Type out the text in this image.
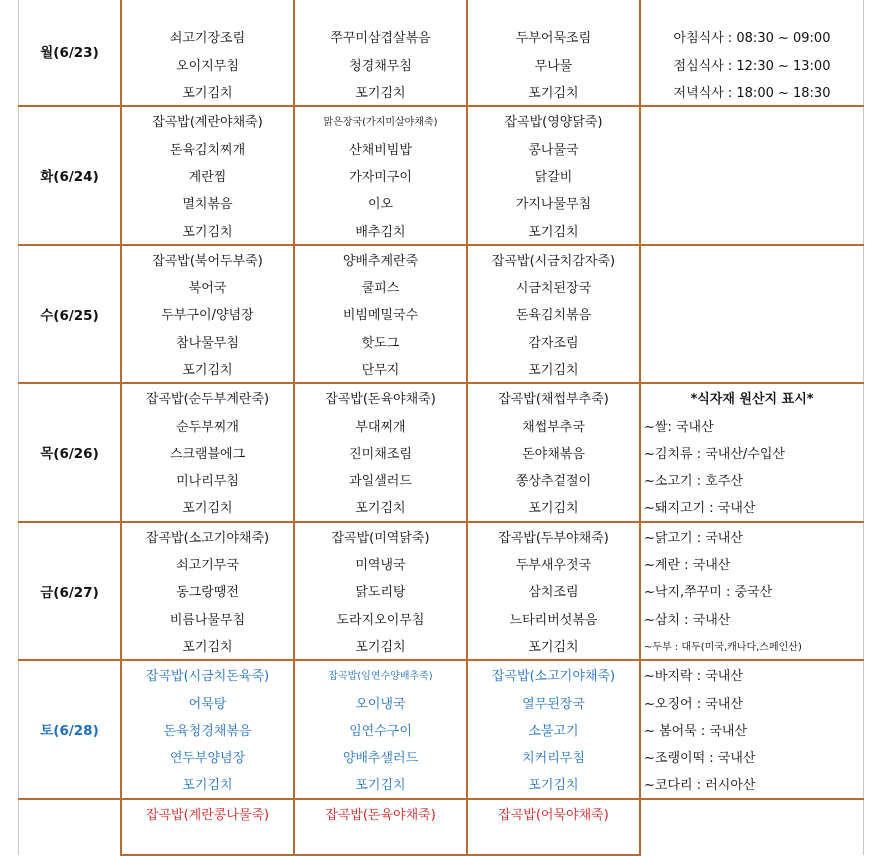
월(6/23)				
	쇠고기장조림	쭈꾸미삼겹살볶음	두부어묵조림	아침식사 : 08:30 ~ 09:00
	오이지무침	청경채무침	무나물	점심식사 : 12:30 ~ 13:00
	포기김치	포기김치	포기김치	저녁식사 : 18:00 ~ 18:30
화(6/24)	잡곡밥(계란야채죽)	맑은장국(가지미살야채죽)	잡곡밥(영양닭죽)	
	돈육김치찌개	산채비빔밥	콩나물국	
	계란찜	가자미구이	닭갈비	
	멸치볶음	이오	가지나물무침	
	포기김치	배추김치	포기김치	
수(6/25)	잡곡밥(북어두부죽)	양배추계란죽	잡곡밥(시금치감자죽)	
	북어국	쿨피스	시금치된장국	
	두부구이/양념장	비빔메밀국수	돈육김치볶음	
	참나물무침	핫도그	감자조림	
	포기김치	단무지	포기김치	
목(6/26)	잡곡밥(순두부계란죽)	잡곡밥(돈육야채죽)	잡곡밥(채썹부추죽)	*식자재 원산지 표시*
	순두부찌개	부대찌개	채썹부추국	~쌀: 국내산
	스크램블에그	진미채조림	돈야채볶음	~김치류 : 국내산/수입산
	미나리무침	과일샐러드	쫑상추겉절이	~소고기 : 호주산
	포기김치	포기김치	포기김치	~돼지고기 : 국내산
금(6/27)	잡곡밥(소고기야채죽)	잡곡밥(미역닭죽)	잡곡밥(두부야채죽)	~닭고기 : 국내산
	쇠고기무국	미역냉국	두부새우젓국	~계란 : 국내산
	동그랑땡전	닭도리탕	삼치조림	~낙지,쭈꾸미 : 중국산
	비름나물무침	도라지오이무침	느타리버섯볶음	~삼치 : 국내산
	포기김치	포기김치	포기김치	~두부 : 대두(미국,캐나다,스페인산)
토(6/28)	잡곡밥(시금치돈육죽)	잡곡밥(임연수양배추죽)	잡곡밥(소고기야채죽)	~바지락 : 국내산
	어묵탕	오이냉국	열무된장국	~오징어 : 국내산
	돈육청경채볶음	임연수구이	소불고기	~ 봄어묵 : 국내산
	연두부양념장	양배추샐러드	치커리무침	~조랭이떡 : 국내산
	포기김치	포기김치	포기김치	~코다리 : 러시아산
	잡곡밥(계란콩나물죽)	잡곡밥(돈육야채죽)	잡곡밥(어묵야채죽)	
